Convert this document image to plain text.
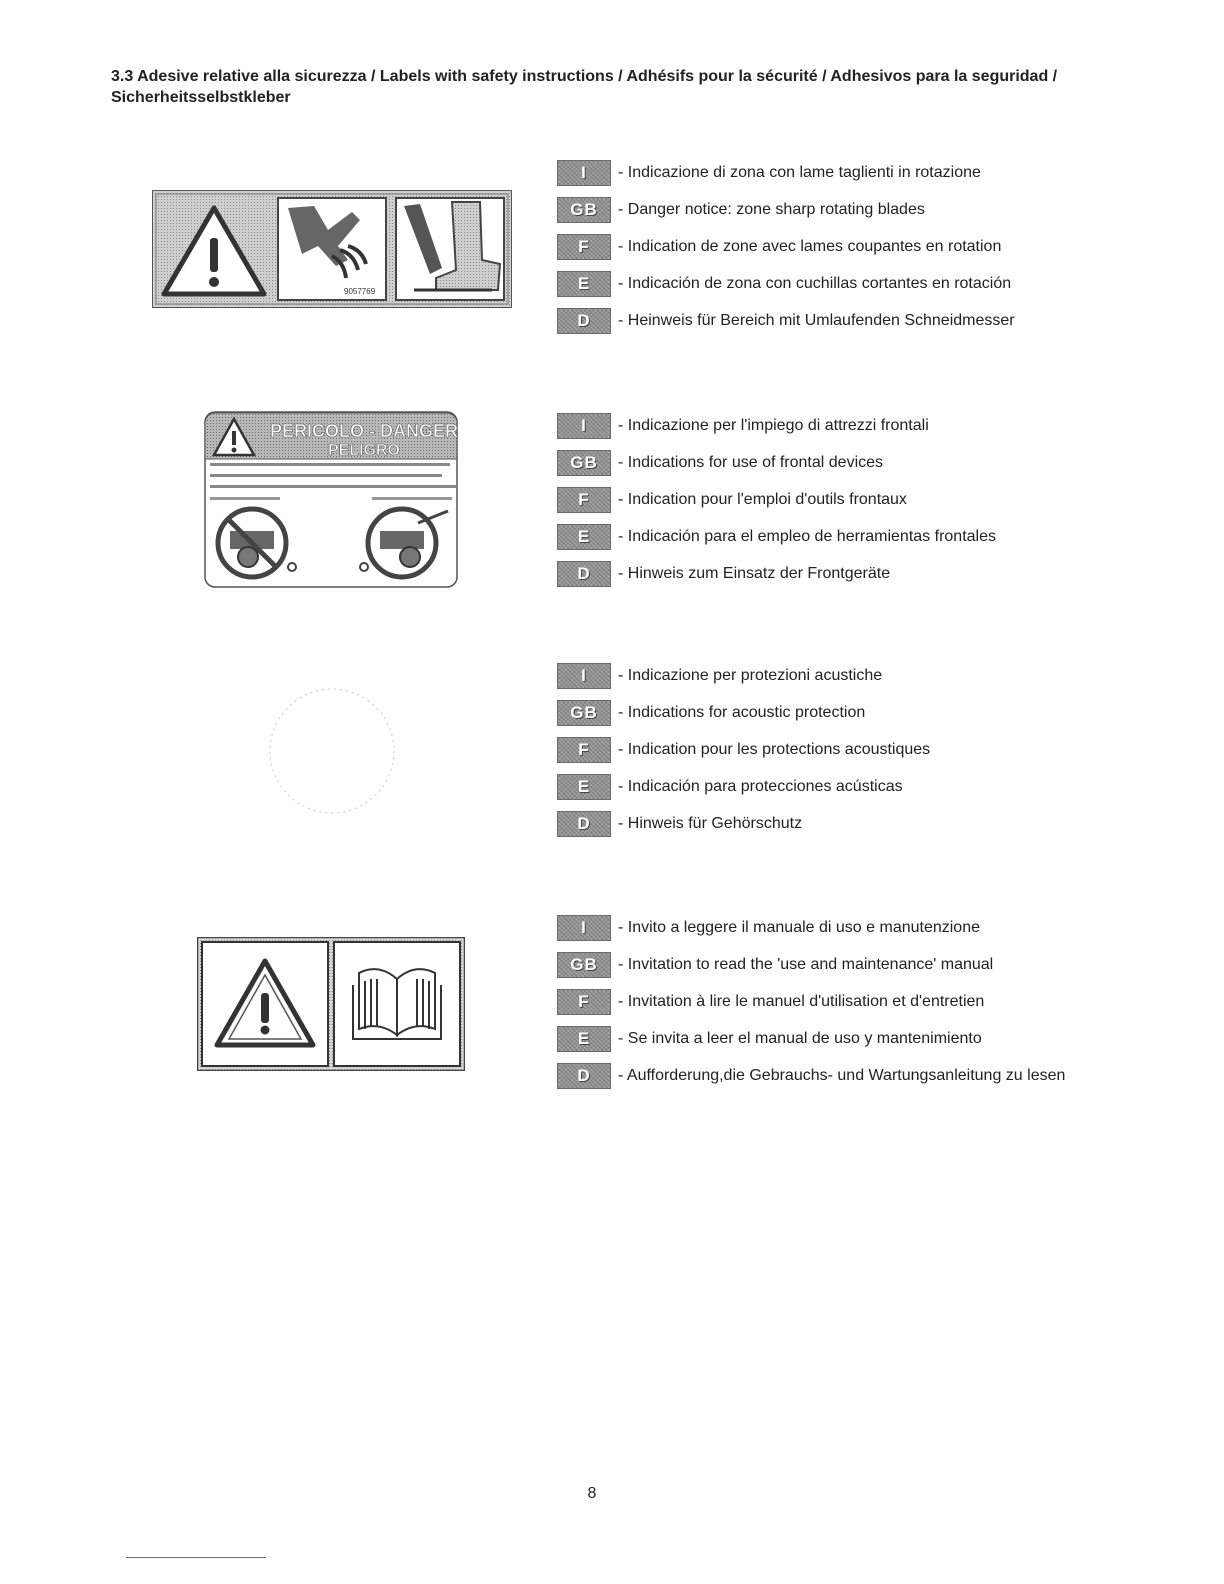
3.3 Adesive relative alla sicurezza / Labels with safety instructions / Adhésifs pour la sécurité / Adhesivos para la seguridad / Sicherheitsselbstkleber
9057769
I	- Indicazione di zona con lame taglienti in rotazione
GB	- Danger notice: zone sharp rotating blades
F	- Indication de zone avec lames coupantes en rotation
E	- Indicación de zona con cuchillas cortantes en rotación
D	- Heinweis für Bereich mit Umlaufenden Schneidmesser
PERICOLO - DANGER
PELIGRO
I	- Indicazione per l'impiego di attrezzi frontali
GB	- Indications for use of frontal devices
F	- Indication pour l'emploi d'outils frontaux
E	- Indicación para el empleo de herramientas frontales
D	- Hinweis zum Einsatz der Frontgeräte
I	- Indicazione per protezioni acustiche
GB	- Indications for acoustic protection
F	- Indication pour les protections acoustiques
E	- Indicación para protecciones acústicas
D	- Hinweis für Gehörschutz
I	- Invito a leggere il manuale di uso e manutenzione
GB	- Invitation to read the 'use and maintenance' manual
F	- Invitation à lire le manuel d'utilisation et d'entretien
E	- Se invita a leer el manual de uso y mantenimiento
D	- Aufforderung,die Gebrauchs- und Wartungsanleitung zu lesen
8
